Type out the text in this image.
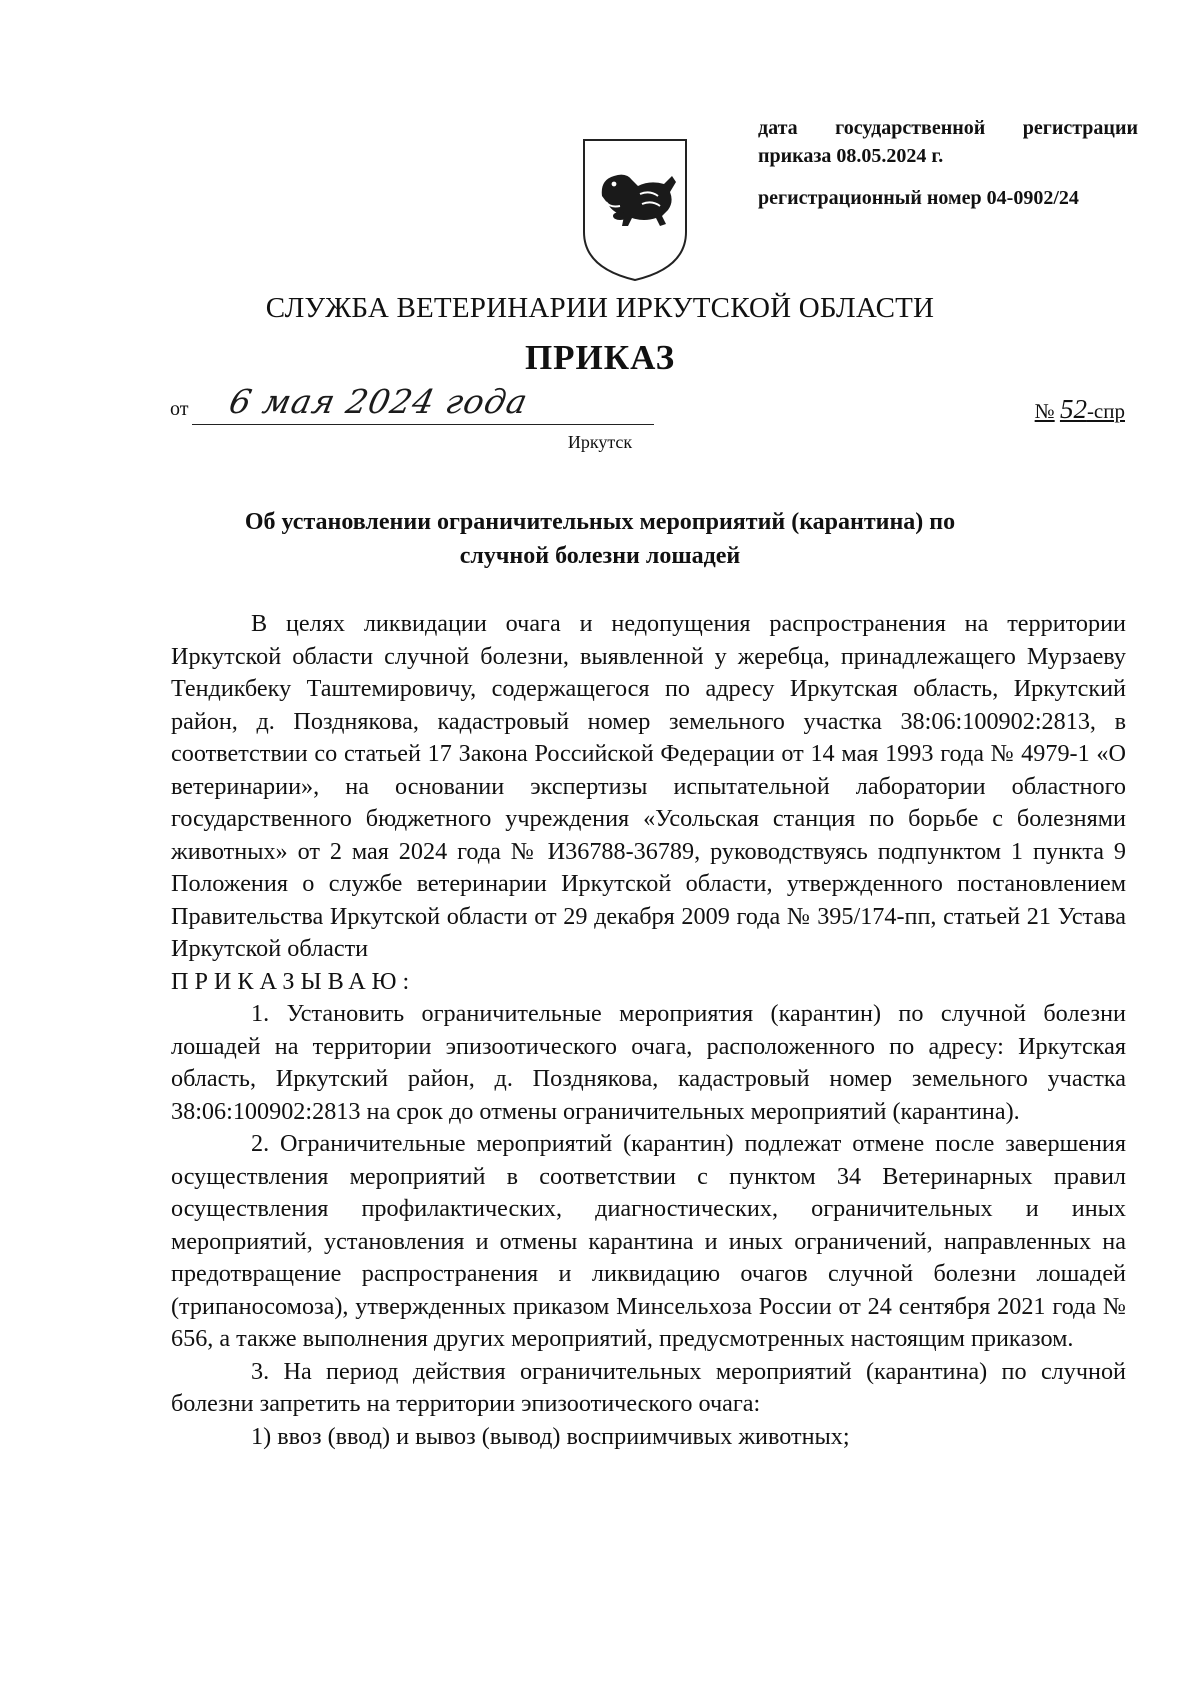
дата государственной регистрации
приказа 08.05.2024 г.
регистрационный номер 04-0902/24
СЛУЖБА ВЕТЕРИНАРИИ ИРКУТСКОЙ ОБЛАСТИ
ПРИКАЗ
от 6 мая 2024 года	№ 52-спр
Иркутск
Об установлении ограничительных мероприятий (карантина) по
случной болезни лошадей

В целях ликвидации очага и недопущения распространения на территории Иркутской области случной болезни, выявленной у жеребца, принадлежащего Мурзаеву Тендикбеку Таштемировичу, содержащегося по адресу Иркутская область, Иркутский район, д. Позднякова, кадастровый номер земельного участка 38:06:100902:2813, в соответствии со статьей 17 Закона Российской Федерации от 14 мая 1993 года № 4979-1 «О ветеринарии», на основании экспертизы испытательной лаборатории областного государственного бюджетного учреждения «Усольская станция по борьбе с болезнями животных» от 2 мая 2024 года № И36788-36789, руководствуясь подпунктом 1 пункта 9 Положения о службе ветеринарии Иркутской области, утвержденного постановлением Правительства Иркутской области от 29 декабря 2009 года № 395/174-пп, статьей 21 Устава Иркутской области

ПРИКАЗЫВАЮ:

1. Установить ограничительные мероприятия (карантин) по случной болезни лошадей на территории эпизоотического очага, расположенного по адресу: Иркутская область, Иркутский район, д. Позднякова, кадастровый номер земельного участка 38:06:100902:2813 на срок до отмены ограничительных мероприятий (карантина).

2. Ограничительные мероприятий (карантин) подлежат отмене после завершения осуществления мероприятий в соответствии с пунктом 34 Ветеринарных правил осуществления профилактических, диагностических, ограничительных и иных мероприятий, установления и отмены карантина и иных ограничений, направленных на предотвращение распространения и ликвидацию очагов случной болезни лошадей (трипаносомоза), утвержденных приказом Минсельхоза России от 24 сентября 2021 года № 656, а также выполнения других мероприятий, предусмотренных настоящим приказом.

3. На период действия ограничительных мероприятий (карантина) по случной болезни запретить на территории эпизоотического очага:

1) ввоз (ввод) и вывоз (вывод) восприимчивых животных;
